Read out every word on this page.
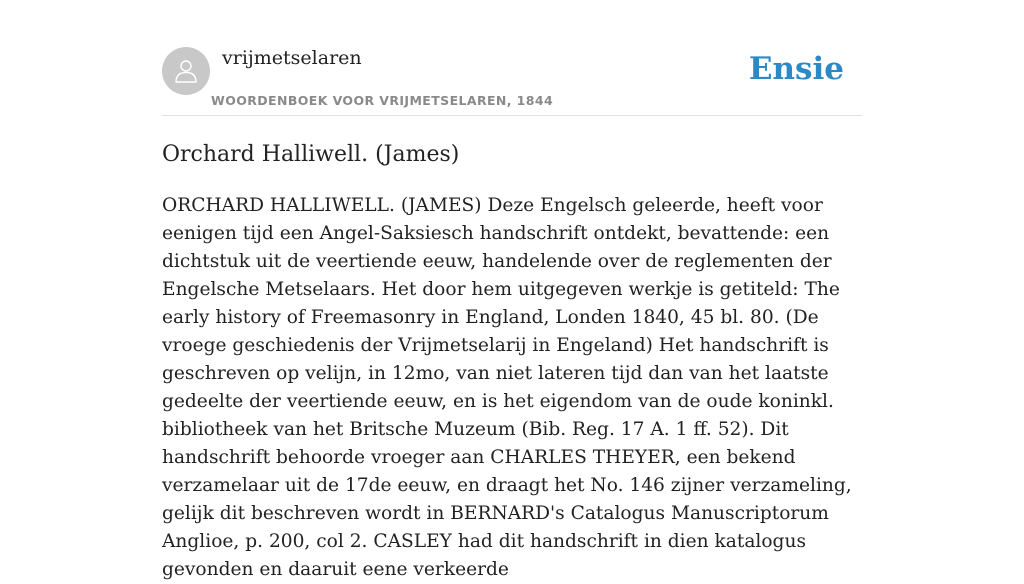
vrijmetselaren
WOORDENBOEK VOOR VRIJMETSELAREN, 1844
Ensie
Orchard Halliwell. (James)

ORCHARD HALLIWELL. (JAMES) Deze Engelsch geleerde, heeft voor eenigen tijd een Angel-Saksiesch handschrift ontdekt, bevattende: een dichtstuk uit de veertiende eeuw, handelende over de reglementen der Engelsche Metselaars. Het door hem uitgegeven werkje is getiteld: The early history of Freemasonry in England, Londen 1840, 45 bl. 80. (De vroege geschiedenis der Vrijmetselarij in Engeland) Het handschrift is geschreven op velijn, in 12mo, van niet lateren tijd dan van het laatste gedeelte der veertiende eeuw, en is het eigendom van de oude koninkl. bibliotheek van het Britsche Muzeum (Bib. Reg. 17 A. 1 ff. 52). Dit handschrift behoorde vroeger aan CHARLES THEYER, een bekend verzamelaar uit de 17de eeuw, en draagt het No. 146 zijner verzameling, gelijk dit beschreven wordt in BERNARD's Catalogus Manuscriptorum Anglioe, p. 200, col 2. CASLEY had dit handschrift in dien katalogus gevonden en daaruit eene verkeerde
